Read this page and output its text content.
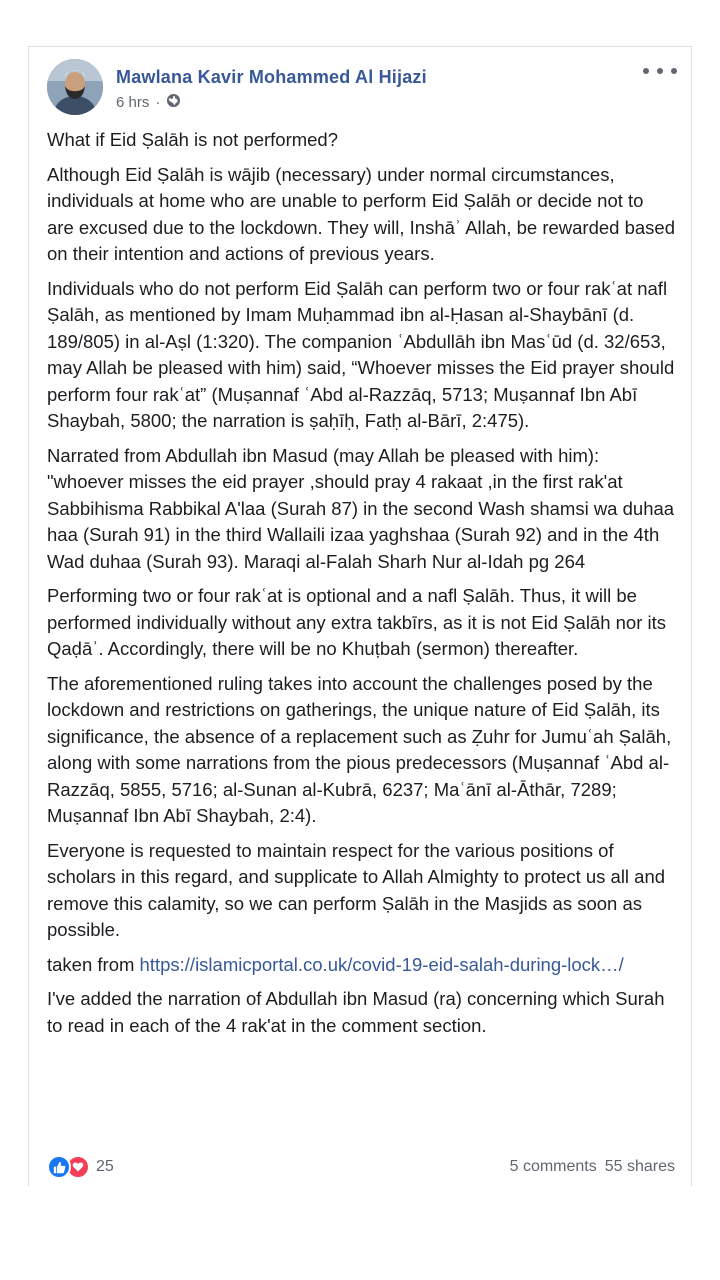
Mawlana Kavir Mohammed Al Hijazi
6 hrs ·

What if Eid Ṣalāh is not performed?

Although Eid Ṣalāh is wājib (necessary) under normal circumstances, individuals at home who are unable to perform Eid Ṣalāh or decide not to are excused due to the lockdown. They will, Inshāʾ Allah, be rewarded based on their intention and actions of previous years.

Individuals who do not perform Eid Ṣalāh can perform two or four rakʿat nafl Ṣalāh, as mentioned by Imam Muḥammad ibn al-Ḥasan al-Shaybānī (d. 189/805) in al-Aṣl (1:320). The companion ʿAbdullāh ibn Masʿūd (d. 32/653, may Allah be pleased with him) said, “Whoever misses the Eid prayer should perform four rakʿat” (Muṣannaf ʿAbd al-Razzāq, 5713; Muṣannaf Ibn Abī Shaybah, 5800; the narration is ṣaḥīḥ, Fatḥ al-Bārī, 2:475).

Narrated from Abdullah ibn Masud (may Allah be pleased with him): "whoever misses the eid prayer ,should pray 4 rakaat ,in the first rak'at Sabbihisma Rabbikal A'laa (Surah 87) in the second Wash shamsi wa duhaa haa (Surah 91) in the third Wallaili izaa yaghshaa (Surah 92) and in the 4th Wad duhaa (Surah 93). Maraqi al-Falah Sharh Nur al-Idah pg 264

Performing two or four rakʿat is optional and a nafl Ṣalāh. Thus, it will be performed individually without any extra takbīrs, as it is not Eid Ṣalāh nor its Qaḍāʾ. Accordingly, there will be no Khuṭbah (sermon) thereafter.

The aforementioned ruling takes into account the challenges posed by the lockdown and restrictions on gatherings, the unique nature of Eid Ṣalāh, its significance, the absence of a replacement such as Ẓuhr for Jumuʿah Ṣalāh, along with some narrations from the pious predecessors (Muṣannaf ʿAbd al-Razzāq, 5855, 5716; al-Sunan al-Kubrā, 6237; Maʿānī al-Āthār, 7289; Muṣannaf Ibn Abī Shaybah, 2:4).

Everyone is requested to maintain respect for the various positions of scholars in this regard, and supplicate to Allah Almighty to protect us all and remove this calamity, so we can perform Ṣalāh in the Masjids as soon as possible.

taken from https://islamicportal.co.uk/covid-19-eid-salah-during-lock…/

I've added the narration of Abdullah ibn Masud (ra) concerning which Surah to read in each of the 4 rak'at in the comment section.

25	5 comments 55 shares
